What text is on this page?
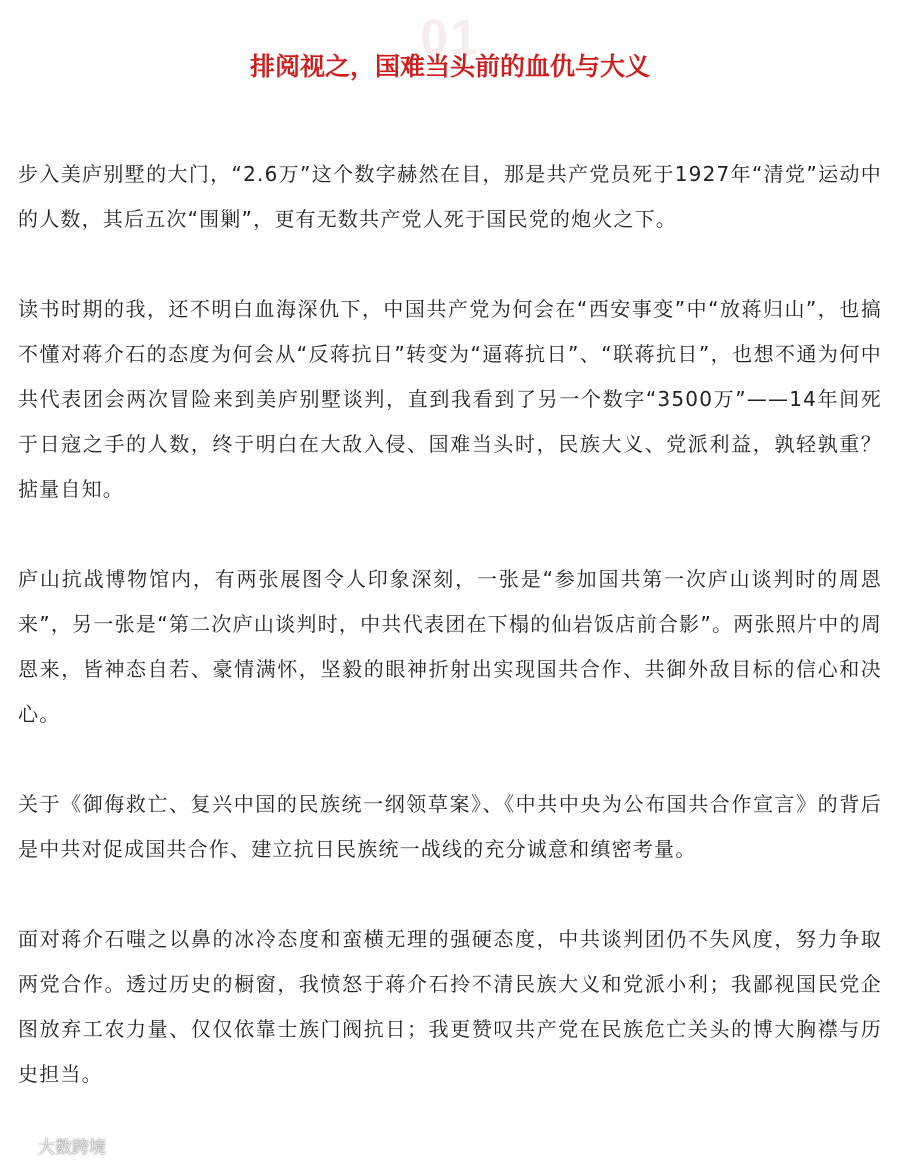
01
排阅视之，国难当头前的血仇与大义

步入美庐别墅的大门，“2.6万”这个数字赫然在目，那是共产党员死于1927年“清党”运动中的人数，其后五次“围剿”，更有无数共产党人死于国民党的炮火之下。

读书时期的我，还不明白血海深仇下，中国共产党为何会在“西安事变”中“放蒋归山”，也搞不懂对蒋介石的态度为何会从“反蒋抗日”转变为“逼蒋抗日”、“联蒋抗日”，也想不通为何中共代表团会两次冒险来到美庐别墅谈判，直到我看到了另一个数字“3500万”——14年间死于日寇之手的人数，终于明白在大敌入侵、国难当头时，民族大义、党派利益，孰轻孰重？掂量自知。

庐山抗战博物馆内，有两张展图令人印象深刻，一张是“参加国共第一次庐山谈判时的周恩来”，另一张是“第二次庐山谈判时，中共代表团在下榻的仙岩饭店前合影”。两张照片中的周恩来，皆神态自若、豪情满怀，坚毅的眼神折射出实现国共合作、共御外敌目标的信心和决心。

关于《御侮救亡、复兴中国的民族统一纲领草案》、《中共中央为公布国共合作宣言》的背后是中共对促成国共合作、建立抗日民族统一战线的充分诚意和缜密考量。

面对蒋介石嗤之以鼻的冰冷态度和蛮横无理的强硬态度，中共谈判团仍不失风度，努力争取两党合作。透过历史的橱窗，我愤怒于蒋介石拎不清民族大义和党派小利；我鄙视国民党企图放弃工农力量、仅仅依靠士族门阀抗日；我更赞叹共产党在民族危亡关头的博大胸襟与历史担当。

大数跨境
